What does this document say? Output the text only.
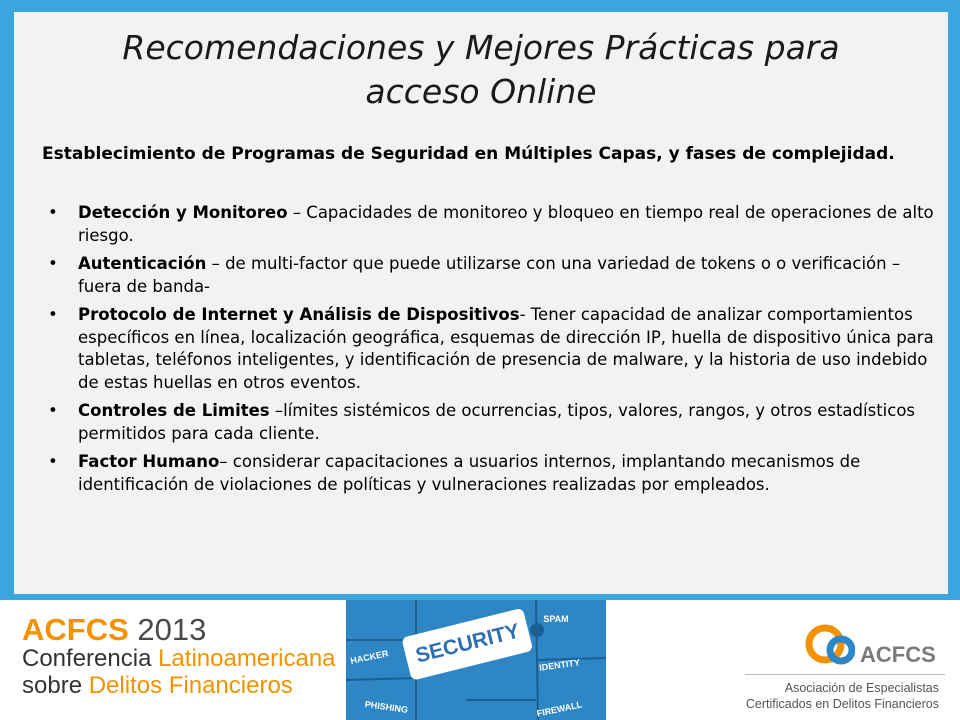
Recomendaciones y Mejores Prácticas para
acceso Online
Establecimiento de Programas de Seguridad en Múltiples Capas, y fases de complejidad.
• Detección y Monitoreo – Capacidades de monitoreo y bloqueo en tiempo real de operaciones de alto riesgo.
• Autenticación – de multi-factor que puede utilizarse con una variedad de tokens o o verificación –fuera de banda-
• Protocolo de Internet y Análisis de Dispositivos- Tener capacidad de analizar comportamientos específicos en línea, localización geográfica, esquemas de dirección IP, huella de dispositivo única para tabletas, teléfonos inteligentes, y identificación de presencia de malware, y la historia de uso indebido de estas huellas en otros eventos.
• Controles de Limites –límites sistémicos de ocurrencias, tipos, valores, rangos, y otros estadísticos permitidos para cada cliente.
• Factor Humano– considerar capacitaciones a usuarios internos, implantando mecanismos de identificación de violaciones de políticas y vulneraciones realizadas por empleados.
ACFCS 2013
Conferencia Latinoamericana
sobre Delitos Financieros
SECURITY
SPAM
HACKER	IDENTITY
PHISHING	FIREWALL
ACFCS
Asociación de Especialistas
Certificados en Delitos Financieros
